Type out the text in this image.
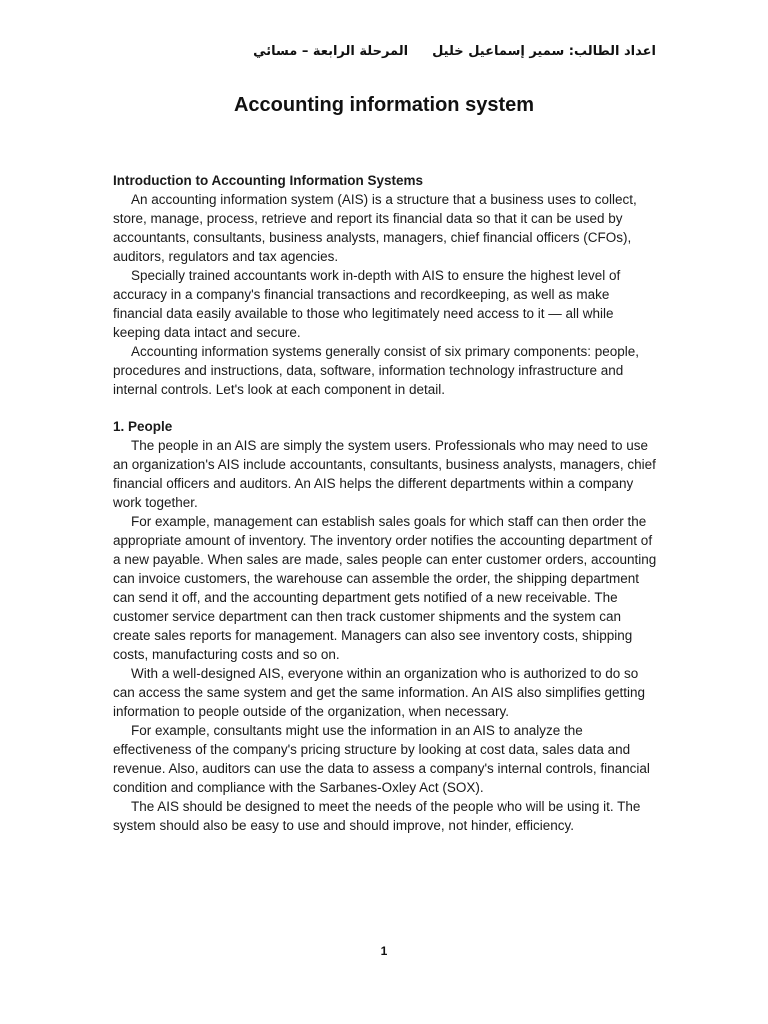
اعداد الطالب: سمير إسماعيل خليلالمرحلة الرابعة – مسائي
Accounting information system

Introduction to Accounting Information Systems

An accounting information system (AIS) is a structure that a business uses to collect, store, manage, process, retrieve and report its financial data so that it can be used by accountants, consultants, business analysts, managers, chief financial officers (CFOs), auditors, regulators and tax agencies.

Specially trained accountants work in-depth with AIS to ensure the highest level of accuracy in a company's financial transactions and recordkeeping, as well as make financial data easily available to those who legitimately need access to it — all while keeping data intact and secure.

Accounting information systems generally consist of six primary components: people, procedures and instructions, data, software, information technology infrastructure and internal controls. Let's look at each component in detail.

1. People

The people in an AIS are simply the system users. Professionals who may need to use an organization's AIS include accountants, consultants, business analysts, managers, chief financial officers and auditors. An AIS helps the different departments within a company work together.

For example, management can establish sales goals for which staff can then order the appropriate amount of inventory. The inventory order notifies the accounting department of a new payable. When sales are made, sales people can enter customer orders, accounting can invoice customers, the warehouse can assemble the order, the shipping department can send it off, and the accounting department gets notified of a new receivable. The customer service department can then track customer shipments and the system can create sales reports for management. Managers can also see inventory costs, shipping costs, manufacturing costs and so on.

With a well-designed AIS, everyone within an organization who is authorized to do so can access the same system and get the same information. An AIS also simplifies getting information to people outside of the organization, when necessary.

For example, consultants might use the information in an AIS to analyze the effectiveness of the company's pricing structure by looking at cost data, sales data and revenue. Also, auditors can use the data to assess a company's internal controls, financial condition and compliance with the Sarbanes-Oxley Act (SOX).

The AIS should be designed to meet the needs of the people who will be using it. The system should also be easy to use and should improve, not hinder, efficiency.

1
